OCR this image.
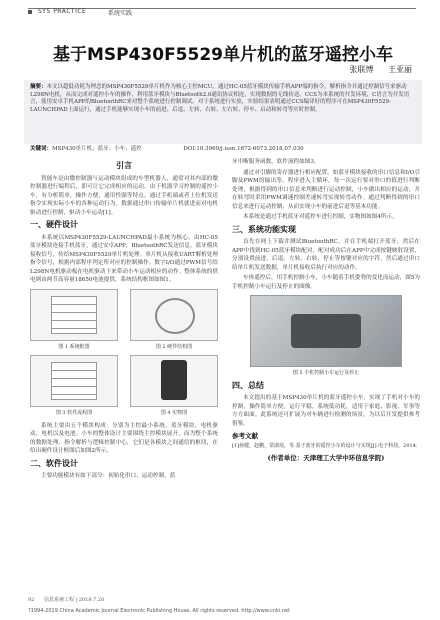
SYS PRACTICE	系统实践
基于MSP430F5529单片机的蓝牙遥控小车
张联博 王亚丽
摘要：本文以超低功耗为理念的MSP430F5529单片机作为核心主控MCU，通过HC-05蓝牙模块传输手机APP端的指令，解析指令并通过控制信号来驱动L298N电机，从而完成对遥控小车的操作，利用蓝牙模块与Bluetooth2.0通讯协议相连，实现数据的无线传送。CCS为本系统的开发环境，C语言为开发语言，使用安卓手机APP的BluetoothRC来对整个系统进行控制调试。对于系统进行实验，实验结果表明通过CCS编译好的程序可在MSP430F5529-LAUNCHPAD上面运行，通过手机能够实现小车的前进、后退、左转、右转、左右转、停车、启动和转弯等实时控制。
关键词：MSP430单片机；蓝牙；小车；遥控	DOI:10.3969/j.issn.1672-6073.2018.07.030
引言

智能车是由微控制器与运动模块组成的车型机器人，通常对其内部的微控制器进行编程后，即可让它完成相应的运动。由于机器学习控制的遥控小车，有分析简单，操作方便，通用性强等特点。通过手机端或者上位机发送指令实现实际小车的各种运动行为。数据通过串口传输单片机就进而对电机驱动进行控制，驱动小车运动[1]。

一、硬件设计

本系统以MSP430F5529-LAUNCHPAD最小系统为核心，由HC-05蓝牙模块连接手机蓝牙，通过安卓APP，BluetoothRC发送信息。蓝牙模块接收信号，传给MSP430F5529单片机处理。单片机从接收UART解析处理指令信号，根据内部程序判定所对应的控制操作。数字I/O通过PWM信号给L298N电机驱动板在电机驱动下来带动小车运动相应的动作。整体系统的供电则由两节高容量18650电池提供，系统结构框图如图1。

图 1 系统框图	图 2 硬件结构图
图 3 软件流程图	图 4 实物图

系统主要由五个模块构成：分别为主控最小系统、蓝牙模块、电机驱动、电机以及电池。小车的整体设计主要围绕主控模块展开，而为整个系统的数据处理、指令解析与逻辑控制中心，它们是各模块之间通信的枢纽，在给出硬件设计框图后如图2所示。

二、软件设计

主要功能模块有如下部分：初始化串口、运动控制，蓝

牙中断服务函数。软件流程如图3。

通过对引脚的寄存器进行相应配置，如蓝牙模块接收的串口信息和I/O引脚及PWM的输出等，程序进入主循环，每一次运行要对串口的值进行判断处理，根据得到的串口信息来判断进行运动控制，小车做出相应的运动，并在转弯时采用PWM调速控制差速转弯实现转弯动作。通过判断得到的串口信息来进行运动控制，从而实现小车的前进后退等基本功能。

本系统是通过手机蓝牙对遥控车进行控制，实物图如图4所示。

三、系统功能实现

首先在网上下载并测试BluetoothRC，并在手机端打开蓝牙，然后在APP中找到HC-05蓝牙模块配对，配对成功后在APP中完成按键映射设置，分别设置前进、后退、左转、右转、停止等按键对应的字符，然后通过串口给单片机发送数据，单片机接收后执行对应的动作。

车体遥控后，用手机控制小车，小车随着手机姿势的变化而运动，图5为手机控制小车运行及停止的图像。

图 5 手机控制小车运行及停止
四、总结

本文提出的基于MSP430单片机的蓝牙遥控小车，实现了手机对小车的控制，操作简单方便，运行平稳。系统低功耗，适用于家庭、影视、军事等方方面面。此系统还可扩展为对车辆进行检测的场景，为以后开发提供参考借鉴。

参考文献
[1]孙健，赵鹏，常淑瑶，等.基于蓝牙的遥控小车的设计与实现[J].电子科技，2014.
(作者单位：天津理工大学中环信息学院)
92 信息系统工程 | 2018.7.20
?1994-2019 China Academic Journal Electronic Publishing House. All rights reserved. http://www.cnki.net
